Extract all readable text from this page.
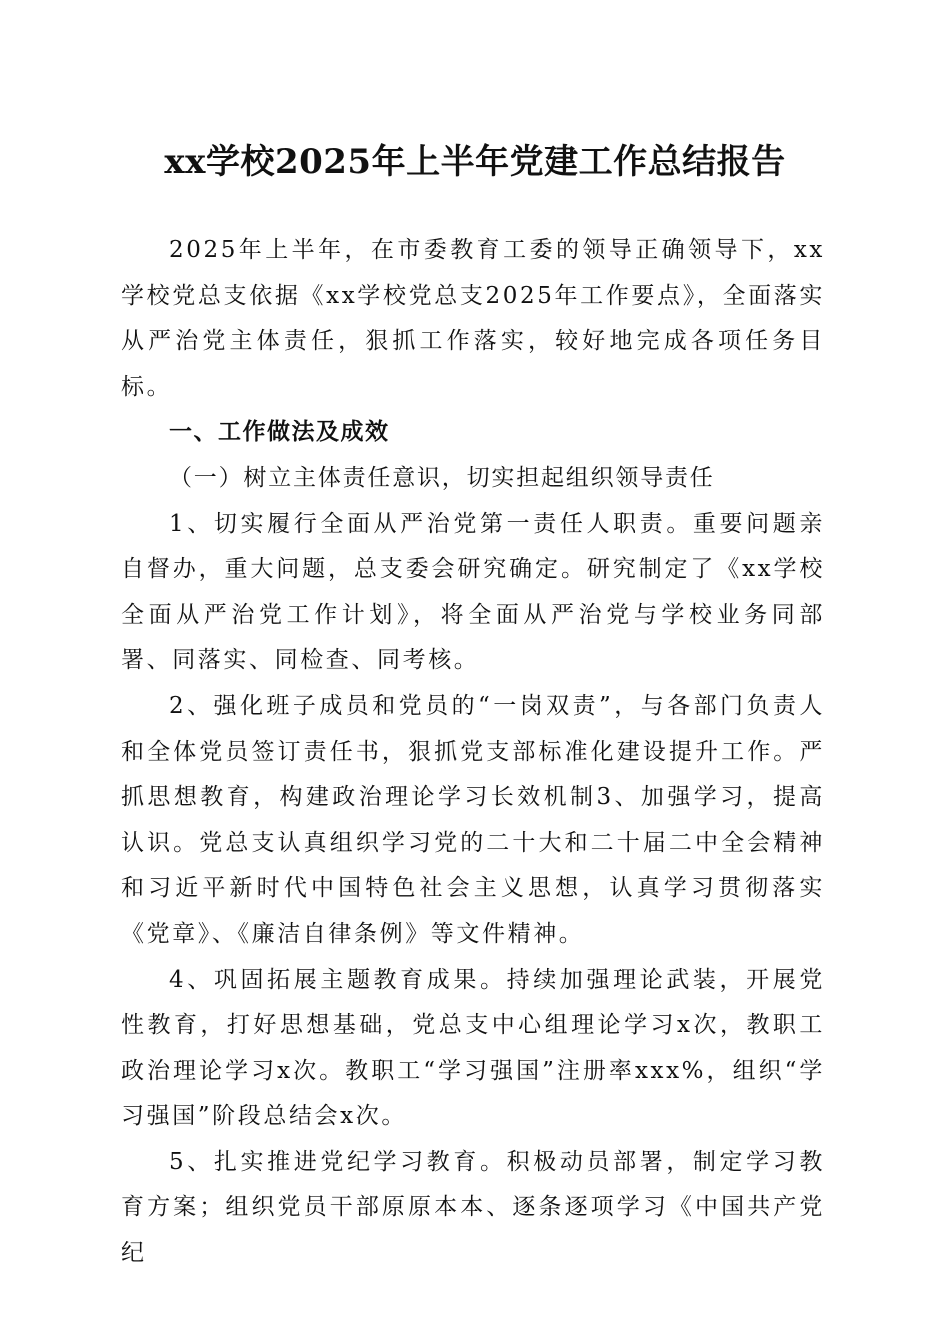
xx学校2025年上半年党建工作总结报告

2025年上半年，在市委教育工委的领导正确领导下，xx学校党总支依据《xx学校党总支2025年工作要点》，全面落实从严治党主体责任，狠抓工作落实，较好地完成各项任务目标。

一、工作做法及成效

（一）树立主体责任意识，切实担起组织领导责任

1、切实履行全面从严治党第一责任人职责。重要问题亲自督办，重大问题，总支委会研究确定。研究制定了《xx学校全面从严治党工作计划》，将全面从严治党与学校业务同部署、同落实、同检查、同考核。

2、强化班子成员和党员的“一岗双责”，与各部门负责人和全体党员签订责任书，狠抓党支部标准化建设提升工作。严抓思想教育，构建政治理论学习长效机制3、加强学习，提高认识。党总支认真组织学习党的二十大和二十届二中全会精神和习近平新时代中国特色社会主义思想，认真学习贯彻落实《党章》、《廉洁自律条例》等文件精神。

4、巩固拓展主题教育成果。持续加强理论武装，开展党性教育，打好思想基础，党总支中心组理论学习x次，教职工政治理论学习x次。教职工“学习强国”注册率xxx%，组织“学习强国”阶段总结会x次。

5、扎实推进党纪学习教育。积极动员部署，制定学习教育方案；组织党员干部原原本本、逐条逐项学习《中国共产党纪
